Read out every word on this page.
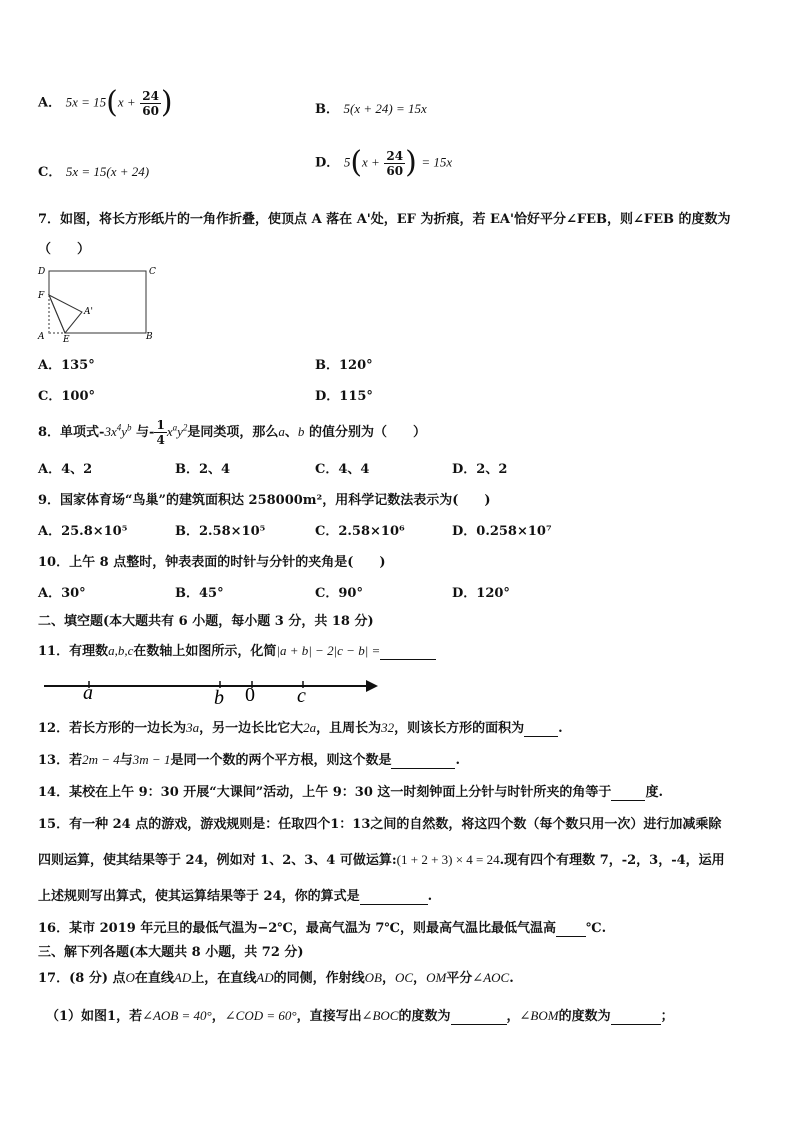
A． $5x = 15(x + \frac{24}{60}$ )	B． 5(x + 24) = 15x
C． 5x = 15(x + 24)
D． $5(x + \frac{24}{60}$ ) = 15x
7．如图，将长方形纸片的一角作折叠，使顶点 A 落在 A'处，EF 为折痕，若 EA'恰好平分∠FEB，则∠FEB 的度数为
（　　）
D	C
F
A'
A E	B
A．135°	B．120°
C．100°	D．115°
8．单项式$-3x^4y^b$ 与- $\frac{1}{4} x^ay^2$是同类项，那么a、b 的值分别为（　　）
A．4、2	B．2、4	C．4、4	D．2、2
9．国家体育场“鸟巢”的建筑面积达 258000m²，用科学记数法表示为(　　)
A．25.8×10⁵	B．2.58×10⁵	C．2.58×10⁶	D．0.258×10⁷
10．上午 8 点整时，钟表表面的时针与分针的夹角是(　　)
A．30°	B．45°	C．90°	D．120°
二、填空题(本大题共有 6 小题，每小题 3 分，共 18 分)
11．有理数a,b,c在数轴上如图所示，化简|a + b| − 2|c − b| =
a	b 0 c
12．若长方形的一边长为3a，另一边长比它大2a，且周长为32，则该长方形的面积为	.
13．若2m − 4与3m − 1是同一个数的两个平方根，则这个数是	.
14．某校在上午 9：30 开展“大课间”活动，上午 9：30 这一时刻钟面上分针与时针所夹的角等于	度.
15．有一种 24 点的游戏，游戏规则是：任取四个1：13之间的自然数，将这四个数（每个数只用一次）进行加减乘除
四则运算，使其结果等于 24，例如对 1、2、3、4 可做运算:(1 + 2 + 3) × 4 = 24.现有四个有理数 7，-2，3，-4，运用
上述规则写出算式，使其运算结果等于 24，你的算式是	.
16．某市 2019 年元旦的最低气温为−2℃，最高气温为 7℃，则最高气温比最低气温高 ℃.
三、解下列各题(本大题共 8 小题，共 72 分)
17．(8 分) 点O在直线AD上，在直线AD的同侧，作射线OB，OC，OM平分∠AOC.
（1）如图1，若∠AOB = 40°，∠COD = 60°，直接写出∠BOC的度数为	，∠BOM的度数为	；
